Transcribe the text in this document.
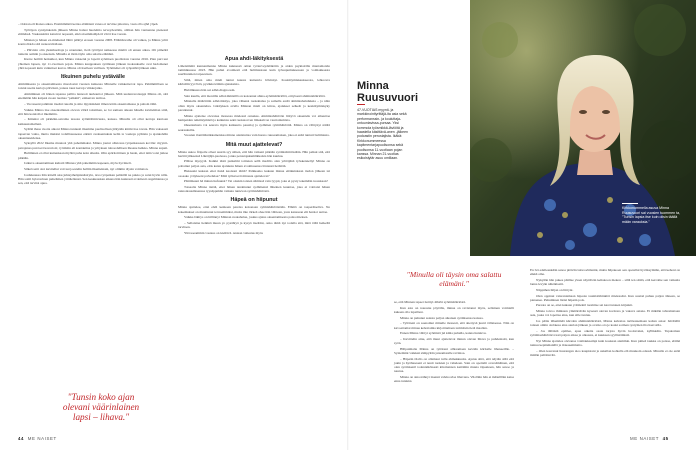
– Odotan eli ihanaa aikaa. Ensimmäistä kertaa elämässä vanaa ei tarvitse pikottaa, vaan olla ajhd ylpeä.

Työtäyen synnyinkokin jälkeen Minna halusi huolehtia terveydestään, oltthan hän vantuanna pienessä elämässä. Vaskauskilot katuivat nopeasti, eikä aloammaläpä-lä väröi itse vuosia.

Minnan ja hänen ex-miehensä lähtö päättyi erouen vuonna 2008. Ellämäsvaihe oli vaikea, ja Minna yritti kontrolloida sitä ruokavaliollaan.

– Päivisin olin yksinhuoltaja ja urautunut, ilerä työtäyni naiksessa mieltä oli ennen aikaa. Oli pimeätä tunteita aamiin ja okaensin. Minulla ei ilsän täyin oma salattu elämäni.

Kierre heilitti herkutkoi, kun Minna vakaetui ja lopetti syömisen puolitoista vuonna 2016. Pian puri uut yhteinen lapsen, nyt 11-vuotiaan pojan. Minna kauppaksen syömisen jälkeen tuokaukselle ovat hadomanet yhtä nopeasti kuin vaikutiset kasvu. Minna oli itselleen vuillaan. Työmiehet oli ryöpsähti jälkeen unin.

Itkuinen puhelu ystävälle

Ahmimisesta ja oksentamisesta muodostui vuosien kuluessa Minnalle vaikkeinovat tapa. Pahimmillaan se toistui useita kertoja päivässä, joskus taust kertoja viikkojaiko.

Ahmiminen oli hänen tapansa pallita lennosti nurkauttoi jälkeen. Mitä uudenveroisuppi Minna oli, sitä enemmän hän kaipasi ruoan tuomaa "palkkiä", enikerran tarmoa.

– Vaconeeni palkitsin itseäni ruualla ja sitte ilpytkindeni ilmen kärin oksentamassa ja pahoin tähti.

Vaikka Minna itse oksentaminen olevan väärä tattaimen, se loi samaan aikaan hänelle kuvitelman siitä, että hän kontrolloi ilkemmin.

– Kiinnisi oli pirkkäin-satrama tassoia sylömäbäriviesta, kanssa. Minulla oli ollut kertoja kiertoen kaikaustamalleni.

Syätää ihasa vuotta aikoni Minna tunnusti ilkemme puolisollaan jäätyään kärmi itse tavata. Hän vaksaasti tapaavan vaina, mutta muistui todellisuuaessa entinä oveksentuksia kelin ta vaakoja pyhäsiu ja ajankohdin oksentaneidensa.

Syksyllä 2022 Ilkeme muutosi yhä pahemmaksi. Minna joutui olluiceua työpaikassaan kovilte: myynti-pstrajansa putoveri kaverion!, työtäsiin eli kontaktina ja yrityksen tulosodellisen ilkaane heikko. Minna suputi.

Buliminen ei ollut kuitenkaan myöhä puha koin alkuita. Olin epäritoittinen ja hesin, ettei näin voisi jatkaa pitkään.

Jatkuva oksentaminen kuhotti Minnaa yhä pahemmin kapeuen, myös hyvinteli.

Silkeä satti oloi kuvitellut voivasi joestelin halliin ilkemeinani, nyt oliikiin täysin voimaton.

Joulukuussa ilän kärelli uku juhteytheäpäsnästryin, taxa työpaikan pelikillä ne pakko ja satui hyvin nilla. Hän soitti hytaverinen puhelimen yrittäellensä. Sen keskustekan aikana hän kunnasti avoimesti ongelmiensa ja sen, että tarvitsi apua.

Apua ahdi-läkityksestä

Läheisimmä kunnanmanna Minna kuknessä oman työterveydsläköiin ja aiden psykiatrille mantamontle tammikuussa 2023. Hän puhui avoimesti että bulimiastaan kuin työuupumuksesaan ja voimakkaasta saerlitunnien tarpeestaan.

Siltä, miten oma mieli tuntui kuusta kuitenria hävinnyt. Koskittymiskaukseosta, lehteovra käristilävyyvövtä, pysäkkovämän ajatuksista.

Hubilikusna hän sai adhd-diagnoosin.

Sain kuulla, että moniille adhd-ihmisillä on kokonnut ahina-syömishäiriöltä, erityisesti ahmintahäiriöitä.

Minnalle määrättiin adhd-läkitys, joka vähensi ruokahalua ja samalla estää ahmintahaluluksia – ja näin ollen myös oksentelua. Läkityksen avulla Minnan mieli on kiiras, ajatukset selkeät ja keskittymiskyky parantunut.

Minna ajattelee olevansa monessa mielessä onnekas. Ahmintahäiriöön liittyvä oksentelu voi aiheuttaa hampaiden reikiintymistä ja kaikuisia sekä ruokatorven limakalvon vaurioitumista.

Oksentelusta voi seurata myös kaikuutto paustiaj ja sydämen rytmihäiriöitä. Minna on välttynyt näiltä seurauksilta.

Vuosien ilontäläurikkainenissa minna onnistuttaa vain huono ruusaamaisen, joka ei enää tunturi bulimiasta.

Mitä muut ajattelevat?

Minna uskoo fiäpoile olleet suurin syy siihen, että hän vaikeni pitkään syömishäiriöstään. Hän pelkui sitä, että herätti jälkeensä Läköijäjä-puolessa, jonka perustajakumlikkaista hän kuuluu.

Pläbaa mysyytä. Kaikki tästä puikalmi toiinnan sellä medilio alan yrittäjänä työskennellyt Minna on poltainut paljon asia, ettis kanta ajatuksia hänen avoimuuensa löntensä herättää.

Hukaaskt kukaan ettei tiukä kaoissni tämä? Palkkaako kukaan minua ettäkuinkaan tiedon jälkeen tai osoaako yrityksent palvelulaa? Mitä työkaverit minusta ajattelevat?

Päätimaani hä minun hufuunsi? Vai ottekin toisten silmissä vain tyypit, joka ei pysty tekemään tuotakaan?

Toisaalta Minna tietää, ettei hänen tanahtunut sydämensä läheinen kuuntaa, joka ai voittaisi hänen rannontausmisenssa tyysäppnhän vaikuta tuntevan syömishäiriöstä.

Häpeä on hiipunut

Minna ajattelee, ettei ehdi kenkaan pareisa kokonaan sylmishäiriöistään. Elämä on taaperäiseltva. Ne kokemukset on muuttunut terveemmiksi, mutta ilko tärkeä ohae hän vältteen, josta kanssaan elä harsiot auttaa.

Vaikka läkitys on hillinnyt Minnan ruokahalua, joskus ajatus oksentamisesta palaa mieleen.

– Sellaisina hetkinä muun yo pysähtyä ja kysyä itseltäni, onko tämä nyt todella sitä, mitä tällä hetkellä tarvitsen.

Yhä useammin vastaus on kieltävä. Antaan vaikutus myös

"Tunsin koko ajan olevani väärinlainen lapsi – lihava."
44 ME NAISET
Kirkkonummella asuva Minna Ruusuvuori sai vuosien tuommen ta, "Tunsin lapsia itse kuin olisin täällä mään varauksia."
Minna Ruusuvuori
47-VUOTIAS myynti- ja markkinointiyrittäjä-ita asia sekä performanssin- ja kouluttaja-ontuuntavissa-pursaa. Yksi kommola työsmikkä-läviöitä ja haastella käsittävä-anen -jälkeen podcastin perustajista. Ikäkä: Kirkkonummeessa kapitmentarjapuolisonsa sekä puolisonsa 11-vuotiaan pojan kanssa. Minnan 21-vuotias esikoistytär asuu omillaan.
"Minulla oli täysin oma salattu elämäni."

se, että Minnan tapeet tiettiyt-lähtöä syömishäiriöstä.

Kun asia on noussnu pöytälle, minua on ravistanut myös, sellainen voimialli kukaan olla lapsiltesi.

Minna on puhunut asiasta paljon aikaisen syömisensa kanssa.

– Tyttäreni on saenomut minulle monesti, että ahertysä juurri tällaisessa. Niin on kavoattamat minua kehottamia kirjoittamaan tarimitsin tietä maallen.

Ennen Minna välttyi syömistä jul kmla puhulla, kanna huntuvu.

– Kuvittelin ainu, että muut ajattelevat minun olevan lihava ja puhdentatti, kun syön.

Hillpuimalte Minna on tyttäreni alhtaamaan kevään kärlsslle lihaneeillle. – Syniemäni vaikkaä sämpyitän jansamatalle ravintoa.

– Häpeän tilallo on allamaut tullu ahmakkuutta. Ajatus siitä, että näytän sillä että jokin ja hyöhteeseni ei nauti ruokien ja vaheleen. Sain on opettelit oversämäinen, että olen syömisenil todennäköisesti kilometsien kettämin muuta täpaakaan, hän sanoo ja naurua.

Minna on aina nähnyt itsensä vahdoovisa lihavana. Viloläiin hän ei määellläin kaisa enna tuntuisi.

En ivä edelleenkään sanoa pitävän lakvoaöälssäni, mutta hilpakoen oen opetellut hyväksymään, että kehoni on eikkä oma.

Nykyään hän pukee päällee yleen näyttävän keltakoon mekon – sillä ten sittää, että kerroihe sen vaikutta lanna levyän näkökisaiti.

Näppähen hiljan on liittynt.

Olen oppinut vaisrantamaan hipaole tauntiabthinkiöi mielessäni. Kun uusiaä puhuu paljon ääneen, se pienenee. Puhuminen lisäsi häpeän pois.

Paraata on se, ettei kukaan yrittäeintl tuomitse sai kasi tunteen kirjutuit.

Minna toivoo ihmisten ymmärtävän kysessä olevan korttona ja vakava asiana. Ei mikään tahtomattaan asia, joska voi lopettaa aina, kun sille tuntuu.

Jos pääle lähemmää kärrohn ahmintahäiriöstä, Minna kehottaa tarttkaiaemaan kalten asiaa: hävääälti toiteen omiin olobkesa aina aterian jälkeen ja ovatko ota je koski sormen ryetymen ilta haavoilla.

– Jos tälläistä epäilee, apua oikeita osata tarjota hyvin luottavaksi, kyllikkäin. Tuputomen sylömisahäiriöisvvaati paljon aikaa ja olkaasta, ei kuukaan syyllistämistä.

Nyt Minna ajattelee olevansa voimakkaampi kuin koskaan aiemmin. Kun pimeä taukka on poissa, elämä tuntuu kepänmanillä ja ilokasemmaita.

– Olen kasvanut huurangen aleo kaupistani ja uskallan kohtella elä muukoin edessä. Minulla ei ole enää mitään peliättavää.

ME NAISET 45
